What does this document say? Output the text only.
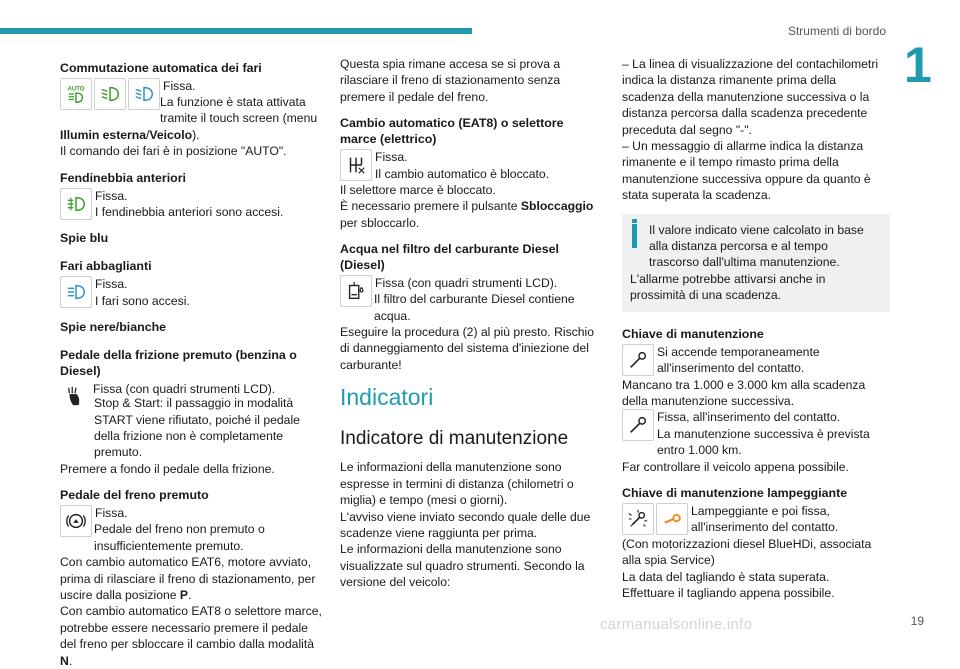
Strumenti di bordo
1
Commutazione automatica dei fari
AUTO	Fissa.

La funzione è stata attivata tramite il touch screen (menu

Illumin esterna/Veicolo).

Il comando dei fari è in posizione "AUTO".

Fendinebbia anteriori

Fissa.

I fendinebbia anteriori sono accesi.

Spie blu
Fari abbaglianti

Fissa.

I fari sono accesi.

Spie nere/bianche
Pedale della frizione premuto (benzina o Diesel)

Fissa (con quadri strumenti LCD).

Stop & Start: il passaggio in modalità START viene rifiutato, poiché il pedale della frizione non è completamente premuto.

Premere a fondo il pedale della frizione.

Pedale del freno premuto

Fissa.

Pedale del freno non premuto o insufficientemente premuto.

Con cambio automatico EAT6, motore avviato, prima di rilasciare il freno di stazionamento, per uscire dalla posizione P.

Con cambio automatico EAT8 o selettore marce, potrebbe essere necessario premere il pedale del freno per sbloccare il cambio dalla modalità N.

Questa spia rimane accesa se si prova a rilasciare il freno di stazionamento senza premere il pedale del freno.

Cambio automatico (EAT8) o selettore marce (elettrico)

Fissa.

Il cambio automatico è bloccato.

Il selettore marce è bloccato.

È necessario premere il pulsante Sbloccaggio per sbloccarlo.

Acqua nel filtro del carburante Diesel (Diesel)

Fissa (con quadri strumenti LCD).

Il filtro del carburante Diesel contiene acqua.

Eseguire la procedura (2) al più presto. Rischio di danneggiamento del sistema d'iniezione del carburante!

Indicatori
Indicatore di manutenzione

Le informazioni della manutenzione sono espresse in termini di distanza (chilometri o miglia) e tempo (mesi o giorni).

L'avviso viene inviato secondo quale delle due scadenze viene raggiunta per prima.

Le informazioni della manutenzione sono visualizzate sul quadro strumenti. Secondo la versione del veicolo:

– La linea di visualizzazione del contachilometri indica la distanza rimanente prima della scadenza della manutenzione successiva o la distanza percorsa dalla scadenza precedente preceduta dal segno "-".

– Un messaggio di allarme indica la distanza rimanente e il tempo rimasto prima della manutenzione successiva oppure da quanto è stata superata la scadenza.

Il valore indicato viene calcolato in base alla distanza percorsa e al tempo trascorso dall'ultima manutenzione.

L'allarme potrebbe attivarsi anche in prossimità di una scadenza.

Chiave di manutenzione

Si accende temporaneamente all'inserimento del contatto.

Mancano tra 1.000 e 3.000 km alla scadenza della manutenzione successiva.

Fissa, all'inserimento del contatto.

La manutenzione successiva è prevista entro 1.000 km.

Far controllare il veicolo appena possibile.

Chiave di manutenzione lampeggiante

Lampeggiante e poi fissa, all'inserimento del contatto.

(Con motorizzazioni diesel BlueHDi, associata alla spia Service)

La data del tagliando è stata superata.

Effettuare il tagliando appena possibile.

carmanualsonline.info	19
